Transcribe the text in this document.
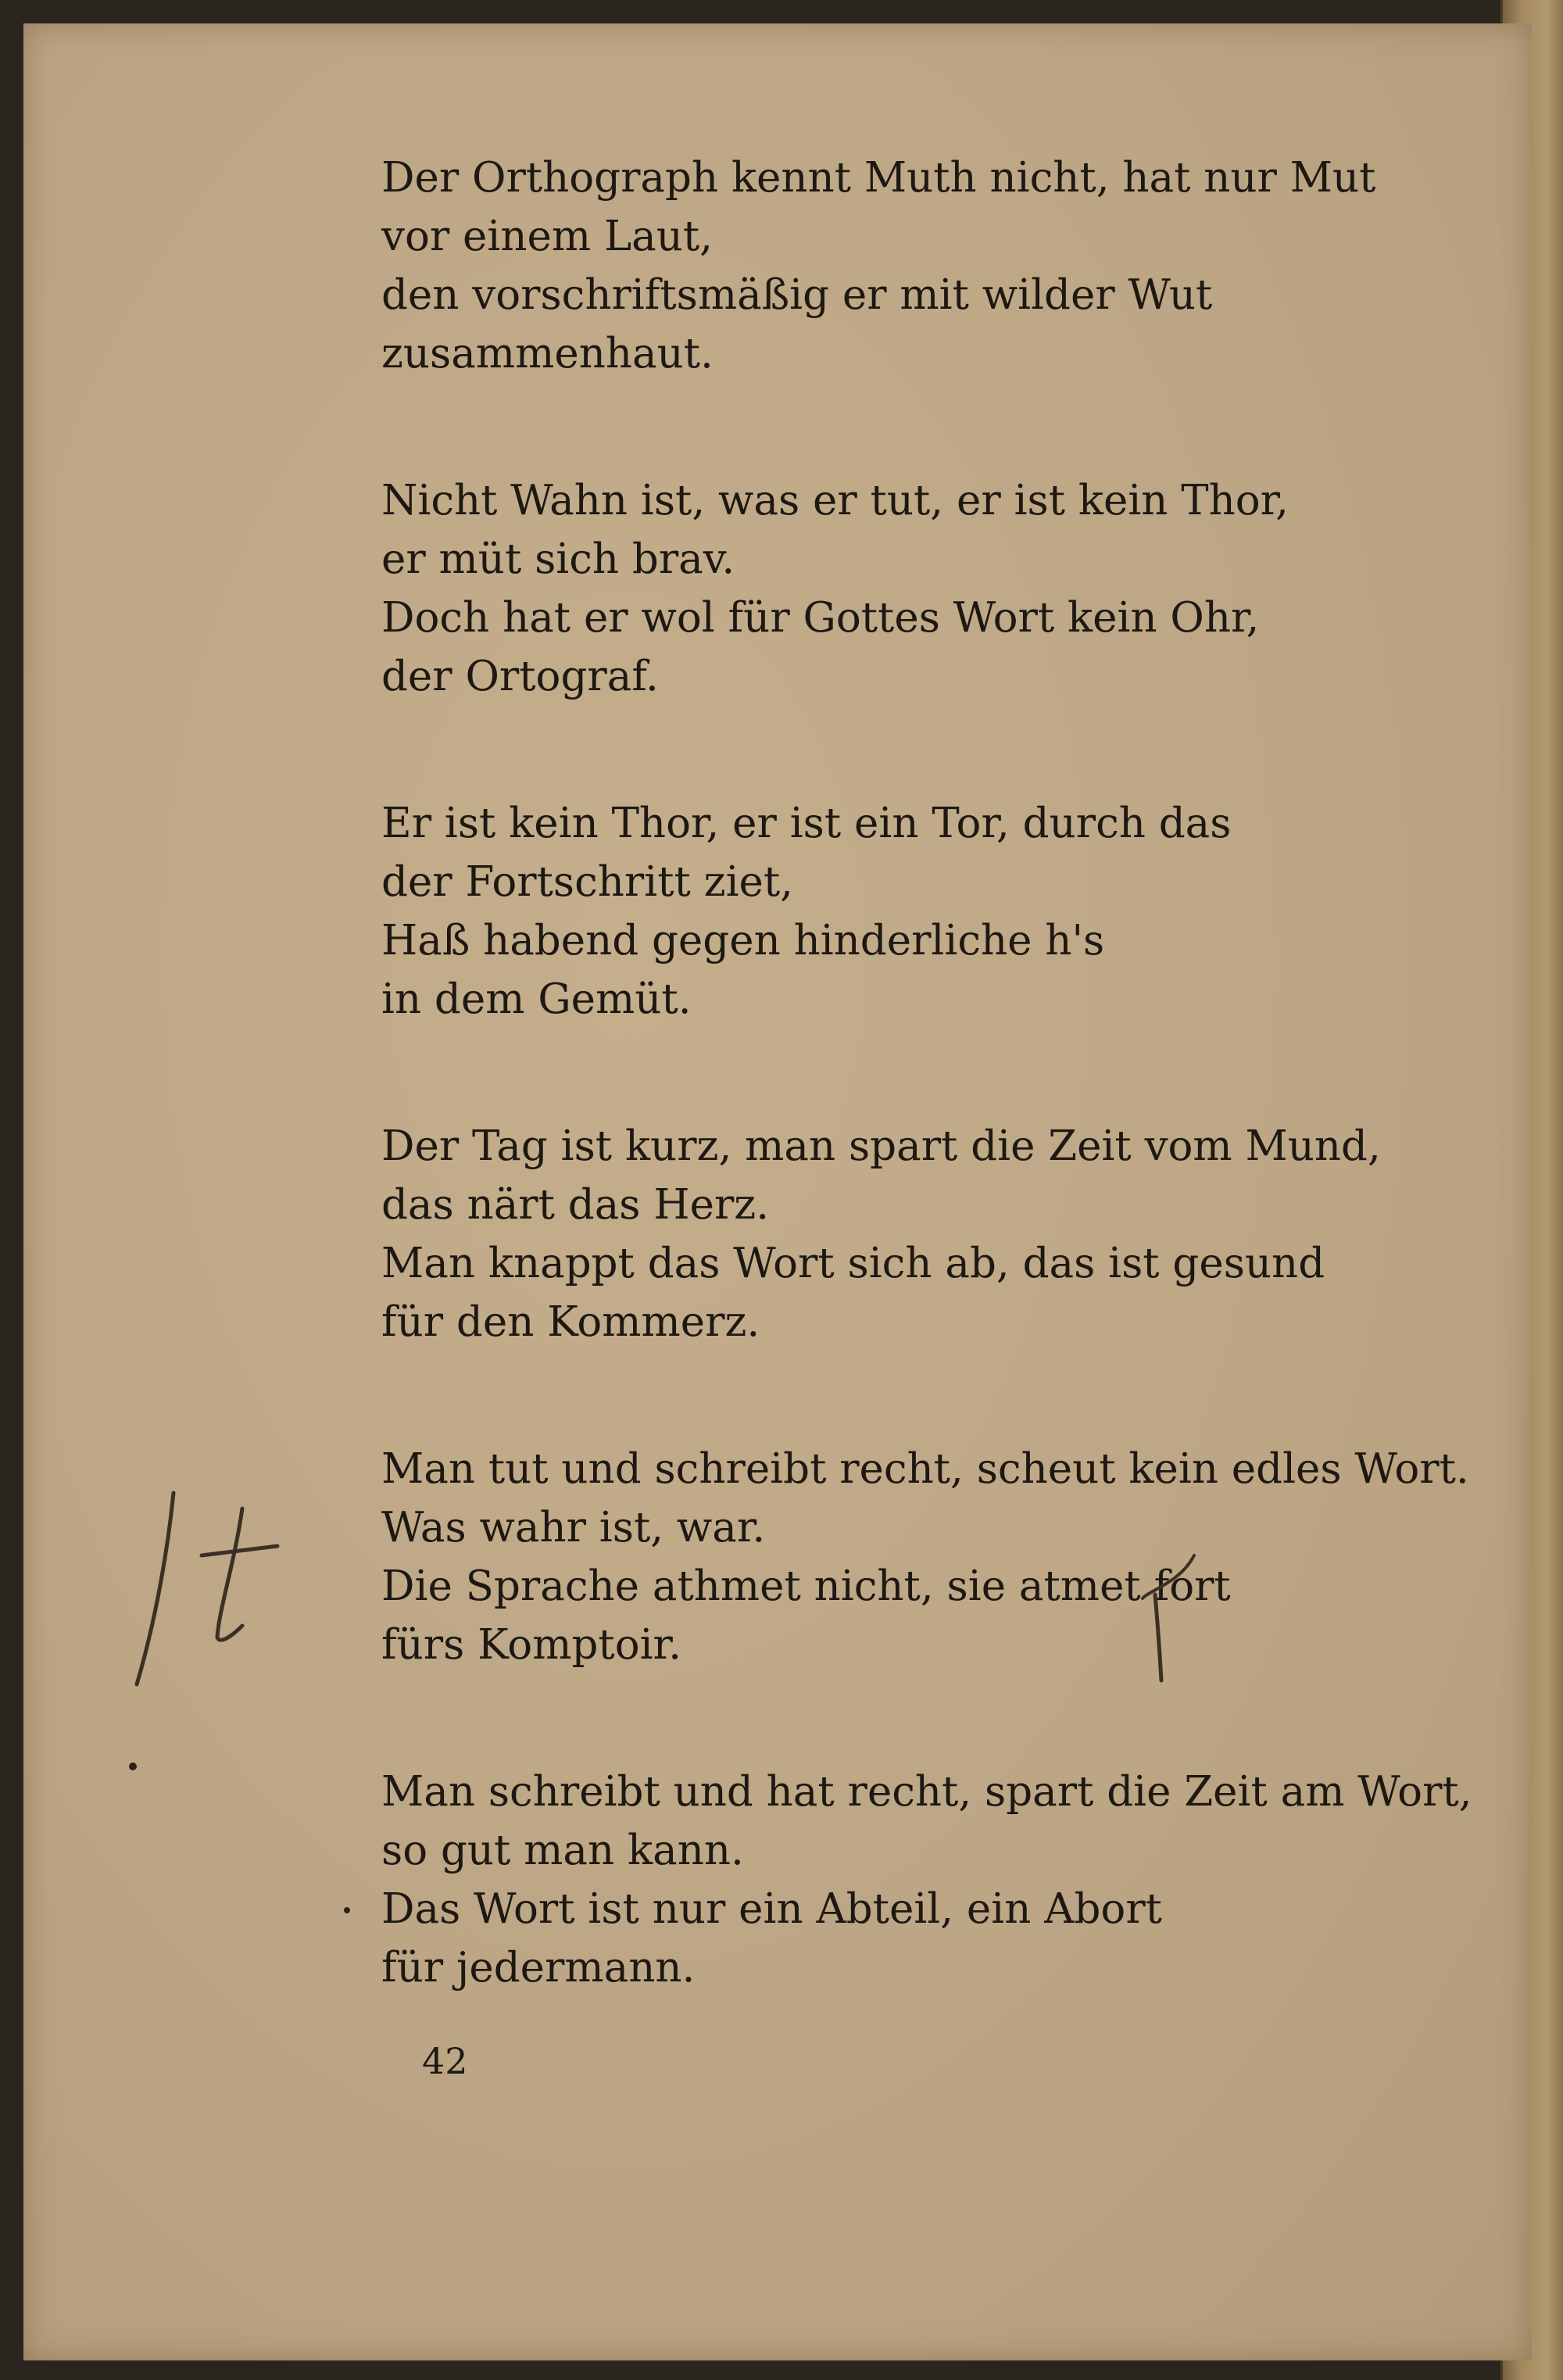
Der Orthograph kennt Muth nicht, hat nur Mut
vor einem Laut,
den vorschriftsmäßig er mit wilder Wut
zusammenhaut.
Nicht Wahn ist, was er tut, er ist kein Thor,
er müt sich brav.
Doch hat er wol für Gottes Wort kein Ohr,
der Ortograf.
Er ist kein Thor, er ist ein Tor, durch das
der Fortschritt ziet,
Haß habend gegen hinderliche h's
in dem Gemüt.
Der Tag ist kurz, man spart die Zeit vom Mund,
das närt das Herz.
Man knappt das Wort sich ab, das ist gesund
für den Kommerz.
Man tut und schreibt recht, scheut kein edles Wort.
Was wahr ist, war.
Die Sprache athmet nicht, sie atmet fort
fürs Komptoir.
Man schreibt und hat recht, spart die Zeit am Wort,
so gut man kann.
Das Wort ist nur ein Abteil, ein Abort
für jedermann.
42
